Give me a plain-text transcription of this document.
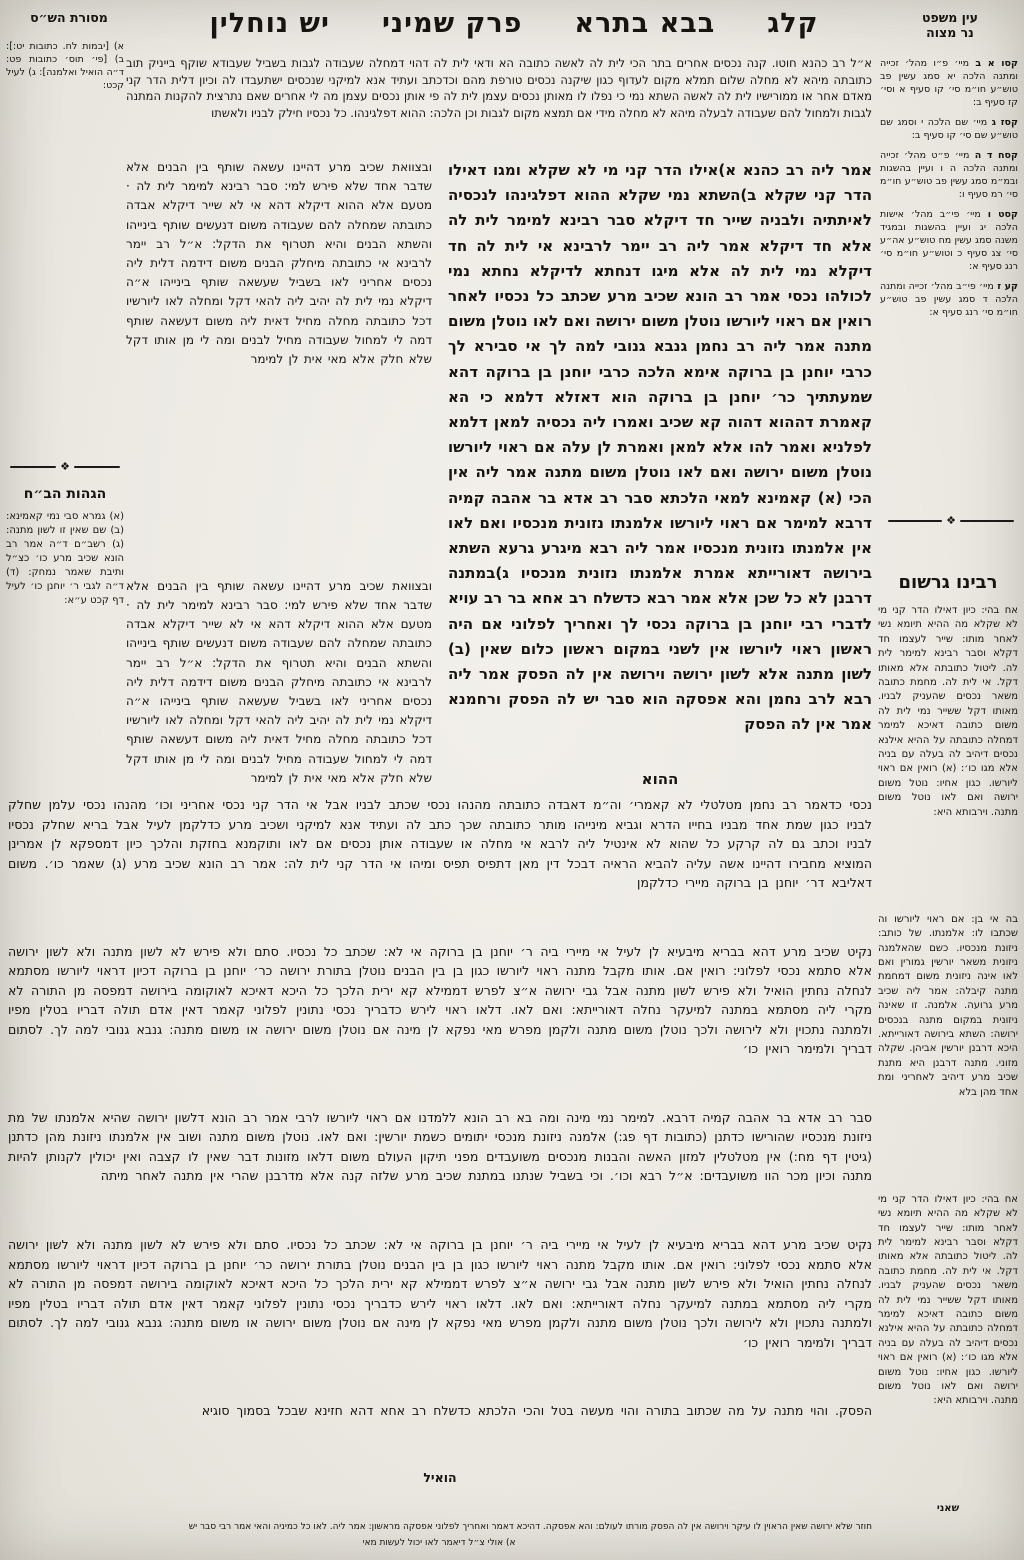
עין משפט
נר מצוה
מסורת הש״ס	קלג
בבא בתרא
פרק שמיני
יש נוחלין
א) [יבמות לח. כתובות יט:]: ב) [פי׳ תוס׳ כתובות פט: ד״ה הואיל ואלמנה]: ג) לעיל קכט:
❖
הגהות הב״ח
(א) גמרא סבי נמי קאמינא: (ב) שם שאין זו לשון מתנה: (ג) רשב״ם ד״ה אמר רב הונא שכיב מרע כו׳ כצ״ל ותיבת שאמר נמחק: (ד) ד״ה לגבי ר׳ יוחנן כו׳ לעיל דף קכט ע״א:
קסו א ב מיי׳ פ״ו מהל׳ זכייה ומתנה הלכה יא סמג עשין פב טוש״ע חו״מ סי׳ קו סעיף א וסי׳ קז סעיף ב:
קסז ג מיי׳ שם הלכה י וסמג שם טוש״ע שם סי׳ קו סעיף ב:
קסח ד ה מיי׳ פ״ט מהל׳ זכייה ומתנה הלכה ה ו ועיין בהשגות ובמ״מ סמג עשין פב טוש״ע חו״מ סי׳ רמ סעיף ו:
קסט ו מיי׳ פי״ב מהל׳ אישות הלכה יג ועיין בהשגות ובמגיד משנה סמג עשין מח טוש״ע אה״ע סי׳ צג סעיף כ וטוש״ע חו״מ סי׳ רנג סעיף א:
קע ז מיי׳ פי״ב מהל׳ זכייה ומתנה הלכה ד סמג עשין פב טוש״ע חו״מ סי׳ רנג סעיף א:
❖
רבינו גרשום

אח בהי: כיון דאילו הדר קני מי לא שקלא מה ההיא תיומא נשי לאחר מותו: שייר לעצמו חד דקלא וסבר רבינא למימר לית לה. ליטול כתובתה אלא מאותו דקל. אי לית לה. מחמת כתובה משאר נכסים שהעניק לבניו. מאותו דקל ששייר נמי לית לה משום כתובה דאיכא למימר דמחלה כתובתה על ההיא אילנא נכסים דיהיב לה בעלה עם בניה אלא מגו כו׳: (א) רואין אם ראוי ליורשו. כגון אחיו: נוטל משום ירושה ואם לאו נוטל משום מתנה. וירבותא היא:

בה אי בן: אם ראוי ליורשו וה שכתבו לו: אלמנתו. של כותב: ניזונת מנכסיו. כשם שהאלמנה ניזונית משאר יורשין גמורין ואם לאו אינה ניזונית משום דמחמת מתנה קיבלה: אמר ליה שכיב מרע גרועה. אלמנה. זו שאינה ניזונית במקום מתנה בנכסים ירושה: השתא בירושה דאורייתא. היכא דרבנן יורשין אביהן. שקלה מזוני. מתנה דרבנן היא מתנת שכיב מרע דיהיב לאחריני ומת אחד מהן בלא

אח בהי: כיון דאילו הדר קני מי לא שקלא מה ההיא תיומא נשי לאחר מותו: שייר לעצמו חד דקלא וסבר רבינא למימר לית לה. ליטול כתובתה אלא מאותו דקל. אי לית לה. מחמת כתובה משאר נכסים שהעניק לבניו. מאותו דקל ששייר נמי לית לה משום כתובה דאיכא למימר דמחלה כתובתה על ההיא אילנא נכסים דיהיב לה בעלה עם בניה אלא מגו כו׳: (א) רואין אם ראוי ליורשו. כגון אחיו: נוטל משום ירושה ואם לאו נוטל משום מתנה. וירבותא היא:

שאני
א״ל רב כהנא חוטו. קנה נכסים אחרים בתר הכי לית לה לאשה כתובה הא ודאי לית לה דהוי דמחלה שעבודה לגבות בשביל שעבודא שוקף בייניק תוב כתובתה מיהא לא מחלה שלום תמלא מקום לעדוף כגון שיקנה נכסים טורפת מהם וכדכתב ועתיד אנא למיקני שנכסים ישתעבדו לה וכיון דלית הדר קני מאדם אחר או ממורישיו לית לה לאשה השתא נמי כי נפלו לו מאותן נכסים עצמן לית לה פי אותן נכסים עצמן מה לי אחרים שאם נתרצית להקנות המתנה לגבות ולמחול להם שעבודה לבעלה מיהא לא מחלה מידי אם תמצא מקום לגבות וכן הלכה: ההוא דפלגינהו. כל נכסיו חילק לבניו ולאשתו
אמר ליה רב כהנא א)אילו הדר קני מי לא שקלא ומגו דאילו הדר קני שקלא ב)השתא נמי שקלא ההוא דפלגינהו לנכסיה לאיתתיה ולבניה שייר חד דיקלא סבר רבינא למימר לית לה אלא חד דיקלא אמר ליה רב יימר לרבינא אי לית לה חד דיקלא נמי לית לה אלא מיגו דנחתא לדיקלא נחתא נמי לכולהו נכסי אמר רב הונא שכיב מרע שכתב כל נכסיו לאחר רואין אם ראוי ליורשו נוטלן משום ירושה ואם לאו נוטלן משום מתנה אמר ליה רב נחמן גנבא גנובי למה לך אי סבירא לך כרבי יוחנן בן ברוקה אימא הלכה כרבי יוחנן בן ברוקה דהא שמעתתיך כר׳ יוחנן בן ברוקה הוא דאזלא דלמא כי הא קאמרת דההוא דהוה קא שכיב ואמרו ליה נכסיה למאן דלמא לפלניא ואמר להו אלא למאן ואמרת לן עלה אם ראוי ליורשו נוטלן משום ירושה ואם לאו נוטלן משום מתנה אמר ליה אין הכי (א) קאמינא למאי הלכתא סבר רב אדא בר אהבה קמיה דרבא למימר אם ראוי ליורשו אלמנתו נזונית מנכסיו ואם לאו אין אלמנתו נזונית מנכסיו אמר ליה רבא מיגרע גרעא השתא בירושה דאורייתא אמרת אלמנתו נזונית מנכסיו ג)במתנה דרבנן לא כל שכן אלא אמר רבא כדשלח רב אחא בר רב עויא לדברי רבי יוחנן בן ברוקה נכסי לך ואחריך לפלוני אם היה ראשון ראוי ליורשו אין לשני במקום ראשון כלום שאין (ב) לשון מתנה אלא לשון ירושה וירושה אין לה הפסק אמר ליה רבא לרב נחמן והא אפסקה הוא סבר יש לה הפסק ורחמנא אמר אין לה הפסק
ההוא

ובצוואת שכיב מרע דהיינו עשאה שותף בין הבנים אלא שדבר אחד שלא פירש למי: סבר רבינא למימר לית לה · מטעם אלא ההוא דיקלא דהא אי לא שייר דיקלא אבדה כתובתה שמחלה להם שעבודה משום דנעשים שותף בינייהו והשתא הבנים והיא תטרוף את הדקל: א״ל רב יימר לרבינא אי כתובתה מיחלק הבנים משום דידמה דלית ליה נכסים אחריני לאו בשביל שעשאה שותף בינייהו א״ה דיקלא נמי לית לה יהיב ליה להאי דקל ומחלה לאו ליורשיו דכל כתובתה מחלה מחיל דאית ליה משום דעשאה שותף דמה לי למחול שעבודה מחיל לבנים ומה לי מן אותו דקל שלא חלק אלא מאי אית לן למימר

ובצוואת שכיב מרע דהיינו עשאה שותף בין הבנים אלא שדבר אחד שלא פירש למי: סבר רבינא למימר לית לה · מטעם אלא ההוא דיקלא דהא אי לא שייר דיקלא אבדה כתובתה שמחלה להם שעבודה משום דנעשים שותף בינייהו והשתא הבנים והיא תטרוף את הדקל: א״ל רב יימר לרבינא אי כתובתה מיחלק הבנים משום דידמה דלית ליה נכסים אחריני לאו בשביל שעשאה שותף בינייהו א״ה דיקלא נמי לית לה יהיב ליה להאי דקל ומחלה לאו ליורשיו דכל כתובתה מחלה מחיל דאית ליה משום דעשאה שותף דמה לי למחול שעבודה מחיל לבנים ומה לי מן אותו דקל שלא חלק אלא מאי אית לן למימר

נכסי כדאמר רב נחמן מטלטלי לא קאמרי׳ וה״מ דאבדה כתובתה מהנהו נכסי שכתב לבניו אבל אי הדר קני נכסי אחריני וכו׳ מהנהו נכסי עלמן שחלק לבניו כגון שמת אחד מבניו בחייו הדרא וגביא מינייהו מותר כתובתה שכך כתב לה ועתיד אנא למיקני ושכיב מרע כדלקמן לעיל אבל בריא שחלק נכסיו לבניו וכתב גם לה קרקע כל שהוא לא אינטיל ליה לרבא אי מחלה או שעבודה אותן נכסים אם לאו ותוקמנא בחזקת והלכך כיון דמספקא לן אמרינן המוציא מחבירו דהיינו אשה עליה להביא הראיה דבכל דין מאן דתפיס תפיס ומיהו אי הדר קני לית לה: אמר רב הונא שכיב מרע (ג) שאמר כו׳. משום דאליבא דר׳ יוחנן בן ברוקה מיירי כדלקמן

נקיט שכיב מרע דהא בבריא מיבעיא לן לעיל אי מיירי ביה ר׳ יוחנן בן ברוקה אי לא: שכתב כל נכסיו. סתם ולא פירש לא לשון מתנה ולא לשון ירושה אלא סתמא נכסי לפלוני: רואין אם. אותו מקבל מתנה ראוי ליורשו כגון בן בין הבנים נוטלן בתורת ירושה כר׳ יוחנן בן ברוקה דכיון דראוי ליורשו מסתמא לנחלה נחתין הואיל ולא פירש לשון מתנה אבל גבי ירושה א״צ לפרש דממילא קא ירית הלכך כל היכא דאיכא לאוקומה בירושה דמפסה מן התורה לא מקרי ליה מסתמא במתנה למיעקר נחלה דאורייתא: ואם לאו. דלאו ראוי לירש כדבריך נכסי נתונין לפלוני קאמר דאין אדם תולה דבריו בטלין מפיו ולמתנה נתכוין ולא לירושה ולכך נוטלן משום מתנה ולקמן מפרש מאי נפקא לן מינה אם נוטלן משום ירושה או משום מתנה: גנבא גנובי למה לך. לסתום דבריך ולמימר רואין כו׳

סבר רב אדא בר אהבה קמיה דרבא. למימר נמי מינה ומה בא רב הונא ללמדנו אם ראוי ליורשו לרבי אמר רב הונא דלשון ירושה שהיא אלמנתו של מת ניזונת מנכסיו שהורישו כדתנן (כתובות דף פג:) אלמנה ניזונת מנכסי יתומים כשמת יורשין: ואם לאו. נוטלן משום מתנה ושוב אין אלמנתו ניזונת מהן כדתנן (גיטין דף מח:) אין מטלטלין למזון האשה והבנות מנכסים משועבדים מפני תיקון העולם משום דלאו מזונות דבר שאין לו קצבה ואין יכולין לקנותן להיות מתנה וכיון מכר הוו משועבדים: א״ל רבא וכו׳. וכי בשביל שנתנו במתנת שכיב מרע שלזה קנה אלא מדרבנן שהרי אין מתנה לאחר מיתה

נקיט שכיב מרע דהא בבריא מיבעיא לן לעיל אי מיירי ביה ר׳ יוחנן בן ברוקה אי לא: שכתב כל נכסיו. סתם ולא פירש לא לשון מתנה ולא לשון ירושה אלא סתמא נכסי לפלוני: רואין אם. אותו מקבל מתנה ראוי ליורשו כגון בן בין הבנים נוטלן בתורת ירושה כר׳ יוחנן בן ברוקה דכיון דראוי ליורשו מסתמא לנחלה נחתין הואיל ולא פירש לשון מתנה אבל גבי ירושה א״צ לפרש דממילא קא ירית הלכך כל היכא דאיכא לאוקומה בירושה דמפסה מן התורה לא מקרי ליה מסתמא במתנה למיעקר נחלה דאורייתא: ואם לאו. דלאו ראוי לירש כדבריך נכסי נתונין לפלוני קאמר דאין אדם תולה דבריו בטלין מפיו ולמתנה נתכוין ולא לירושה ולכך נוטלן משום מתנה ולקמן מפרש מאי נפקא לן מינה אם נוטלן משום ירושה או משום מתנה: גנבא גנובי למה לך. לסתום דבריך ולמימר רואין כו׳

הפסק. והוי מתנה על מה שכתוב בתורה והוי מעשה בטל והכי הלכתא כדשלח רב אחא דהא חזינא שבכל בסמוך סוגיא

הואיל
חוזר שלא ירושה שאין הראוין לו עיקר וירושה אין לה הפסק מורתו לעולם: והא אפסקה. דהיכא דאמר ואחריך לפלוני אפסקה מראשון: אמר ליה. לאו כל כמיניה והאי אמר רבי סבר יש
א) אולי צ״ל דיאמר לאו יכול לעשות מאי
